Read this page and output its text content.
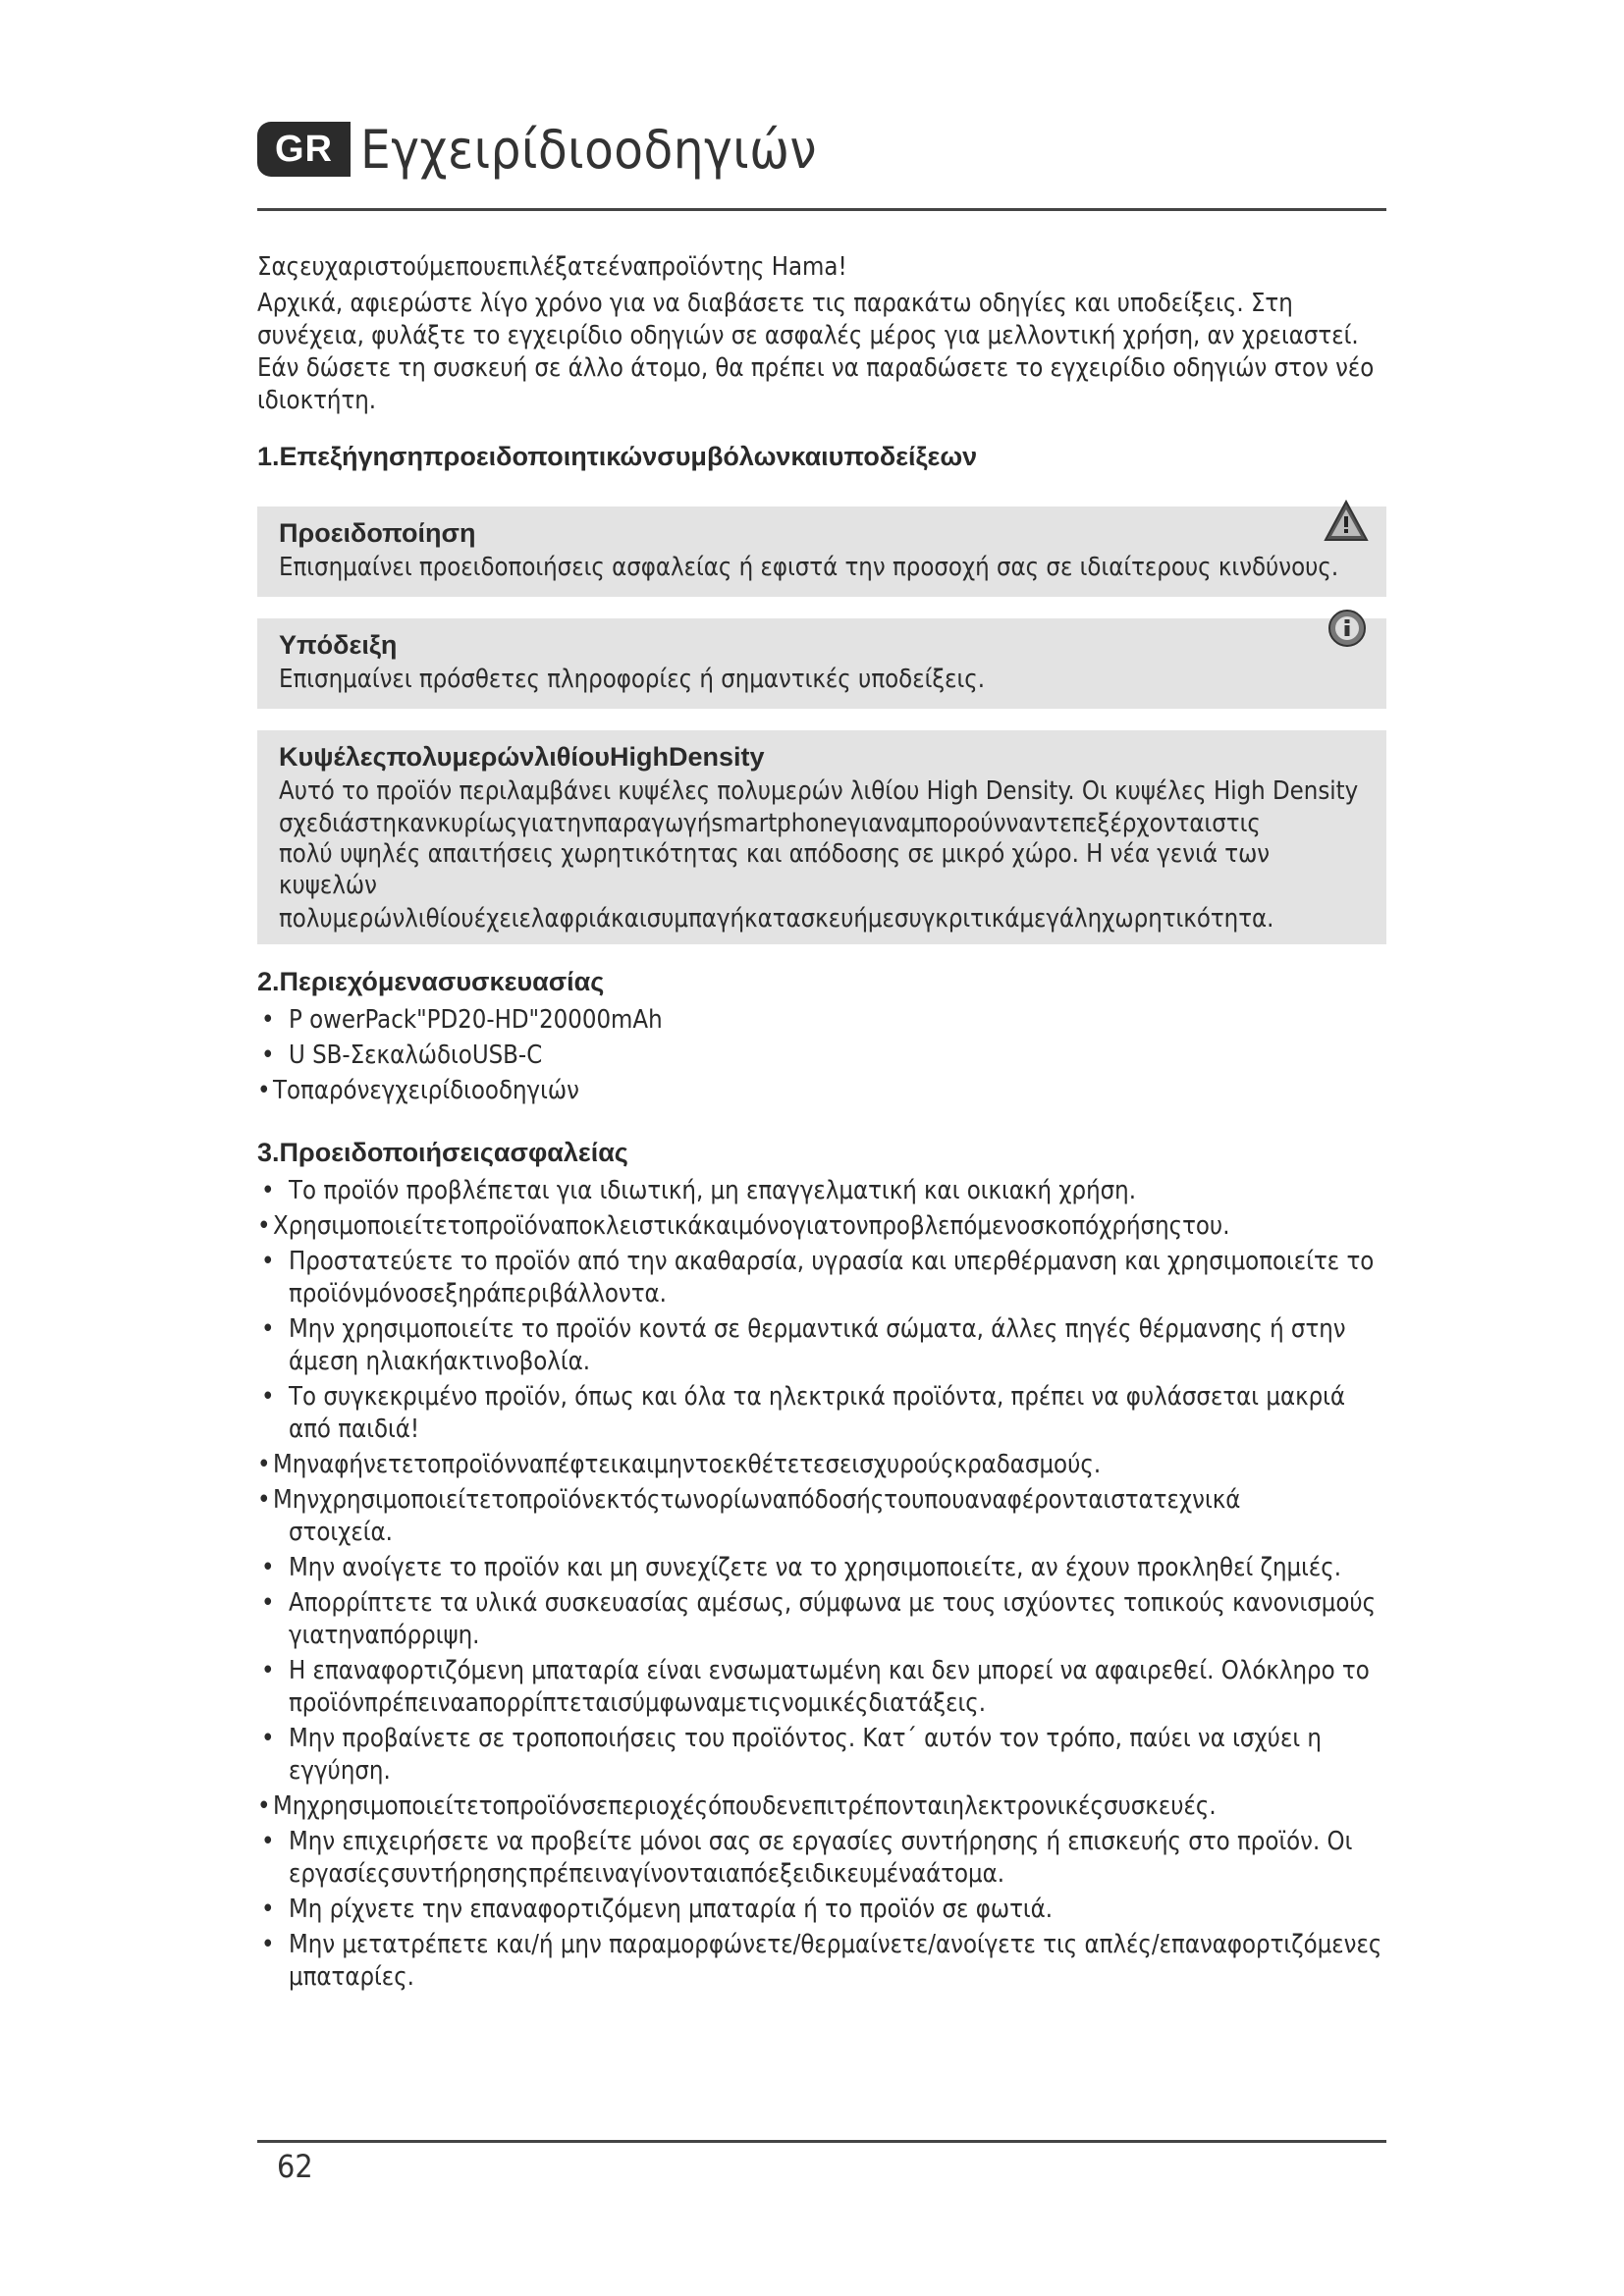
GR Εγχειρίδιοοδηγιών

Σαςευχαριστούμεπουεπιλέξατεέναπροϊόντης Hama!

Αρχικά, αφιερώστε λίγο χρόνο για να διαβάσετε τις παρακάτω οδηγίες και υποδείξεις. Στη συνέχεια, φυλάξτε το εγχειρίδιο οδηγιών σε ασφαλές μέρος για μελλοντική χρήση, αν χρειαστεί. Εάν δώσετε τη συσκευή σε άλλο άτομο, θα πρέπει να παραδώσετε το εγχειρίδιο οδηγιών στον νέο ιδιοκτήτη.

1.Επεξήγησηπροειδοποιητικώνσυμβόλωνκαιυποδείξεων
Προειδοποίηση
Επισημαίνει προειδοποιήσεις ασφαλείας ή εφιστά την προσοχή σας σε ιδιαίτερους κινδύνους.
Υπόδειξη
Επισημαίνει πρόσθετες πληροφορίες ή σημαντικές υποδείξεις.
ΚυψέλεςπολυμερώνλιθίουHighDensity
Αυτό το προϊόν περιλαμβάνει κυψέλες πολυμερών λιθίου High Density. Οι κυψέλες High Density
σχεδιάστηκανκυρίωςγιατηνπαραγωγήsmartphoneγιαναμπορούνναντεπεξέρχονταιστις
πολύ υψηλές απαιτήσεις χωρητικότητας και απόδοσης σε μικρό χώρο. Η νέα γενιά των κυψελών
πολυμερώνλιθίουέχειελαφριάκαισυμπαγήκατασκευήμεσυγκριτικάμεγάληχωρητικότητα.
2.Περιεχόμενασυσκευασίας
• P owerPack"PD20-HD"20000mAh
• U SB-ΣεκαλώδιοUSB-C
• Τοπαρόνεγχειρίδιοοδηγιών
3.Προειδοποιήσειςασφαλείας
• Το προϊόν προβλέπεται για ιδιωτική, μη επαγγελματική και οικιακή χρήση.
• Χρησιμοποιείτετοπροϊόναποκλειστικάκαιμόνογιατονπροβλεπόμενοσκοπόχρήσηςτου.
• Προστατεύετε το προϊόν από την ακαθαρσία, υγρασία και υπερθέρμανση και χρησιμοποιείτε το προϊόνμόνοσεξηράπεριβάλλοντα.
• Μην χρησιμοποιείτε το προϊόν κοντά σε θερμαντικά σώματα, άλλες πηγές θέρμανσης ή στην άμεση ηλιακήακτινοβολία.
• Το συγκεκριμένο προϊόν, όπως και όλα τα ηλεκτρικά προϊόντα, πρέπει να φυλάσσεται μακριά από παιδιά!
• Μηναφήνετετοπροϊόνναπέφτεικαιμηντοεκθέτετεσεισχυρούςκραδασμούς.
• Μηνχρησιμοποιείτετοπροϊόνεκτόςτωνορίωναπόδοσήςτουπουαναφέρονταιστατεχνικά
στοιχεία.
• Μην ανοίγετε το προϊόν και μη συνεχίζετε να το χρησιμοποιείτε, αν έχουν προκληθεί ζημιές.
• Απορρίπτετε τα υλικά συσκευασίας αμέσως, σύμφωνα με τους ισχύοντες τοπικούς κανονισμούς γιατηναπόρριψη.
• Η επαναφορτιζόμενη μπαταρία είναι ενσωματωμένη και δεν μπορεί να αφαιρεθεί. Ολόκληρο το προϊόνπρέπειναaπορρίπτεταισύμφωναμετιςνομικέςδιατάξεις.
• Μην προβαίνετε σε τροποποιήσεις του προϊόντος. Κατ΄ αυτόν τον τρόπο, παύει να ισχύει η εγγύηση.
• Μηχρησιμοποιείτετοπροϊόνσεπεριοχέςόπουδενεπιτρέπονταιηλεκτρονικέςσυσκευές.
• Μην επιχειρήσετε να προβείτε μόνοι σας σε εργασίες συντήρησης ή επισκευής στο προϊόν. Οι εργασίεςσυντήρησηςπρέπειναγίνονταιαπόεξειδικευμέναάτομα.
• Μη ρίχνετε την επαναφορτιζόμενη μπαταρία ή το προϊόν σε φωτιά.
• Μην μετατρέπετε και/ή μην παραμορφώνετε/θερμαίνετε/ανοίγετε τις απλές/επαναφορτιζόμενες μπαταρίες.
62
